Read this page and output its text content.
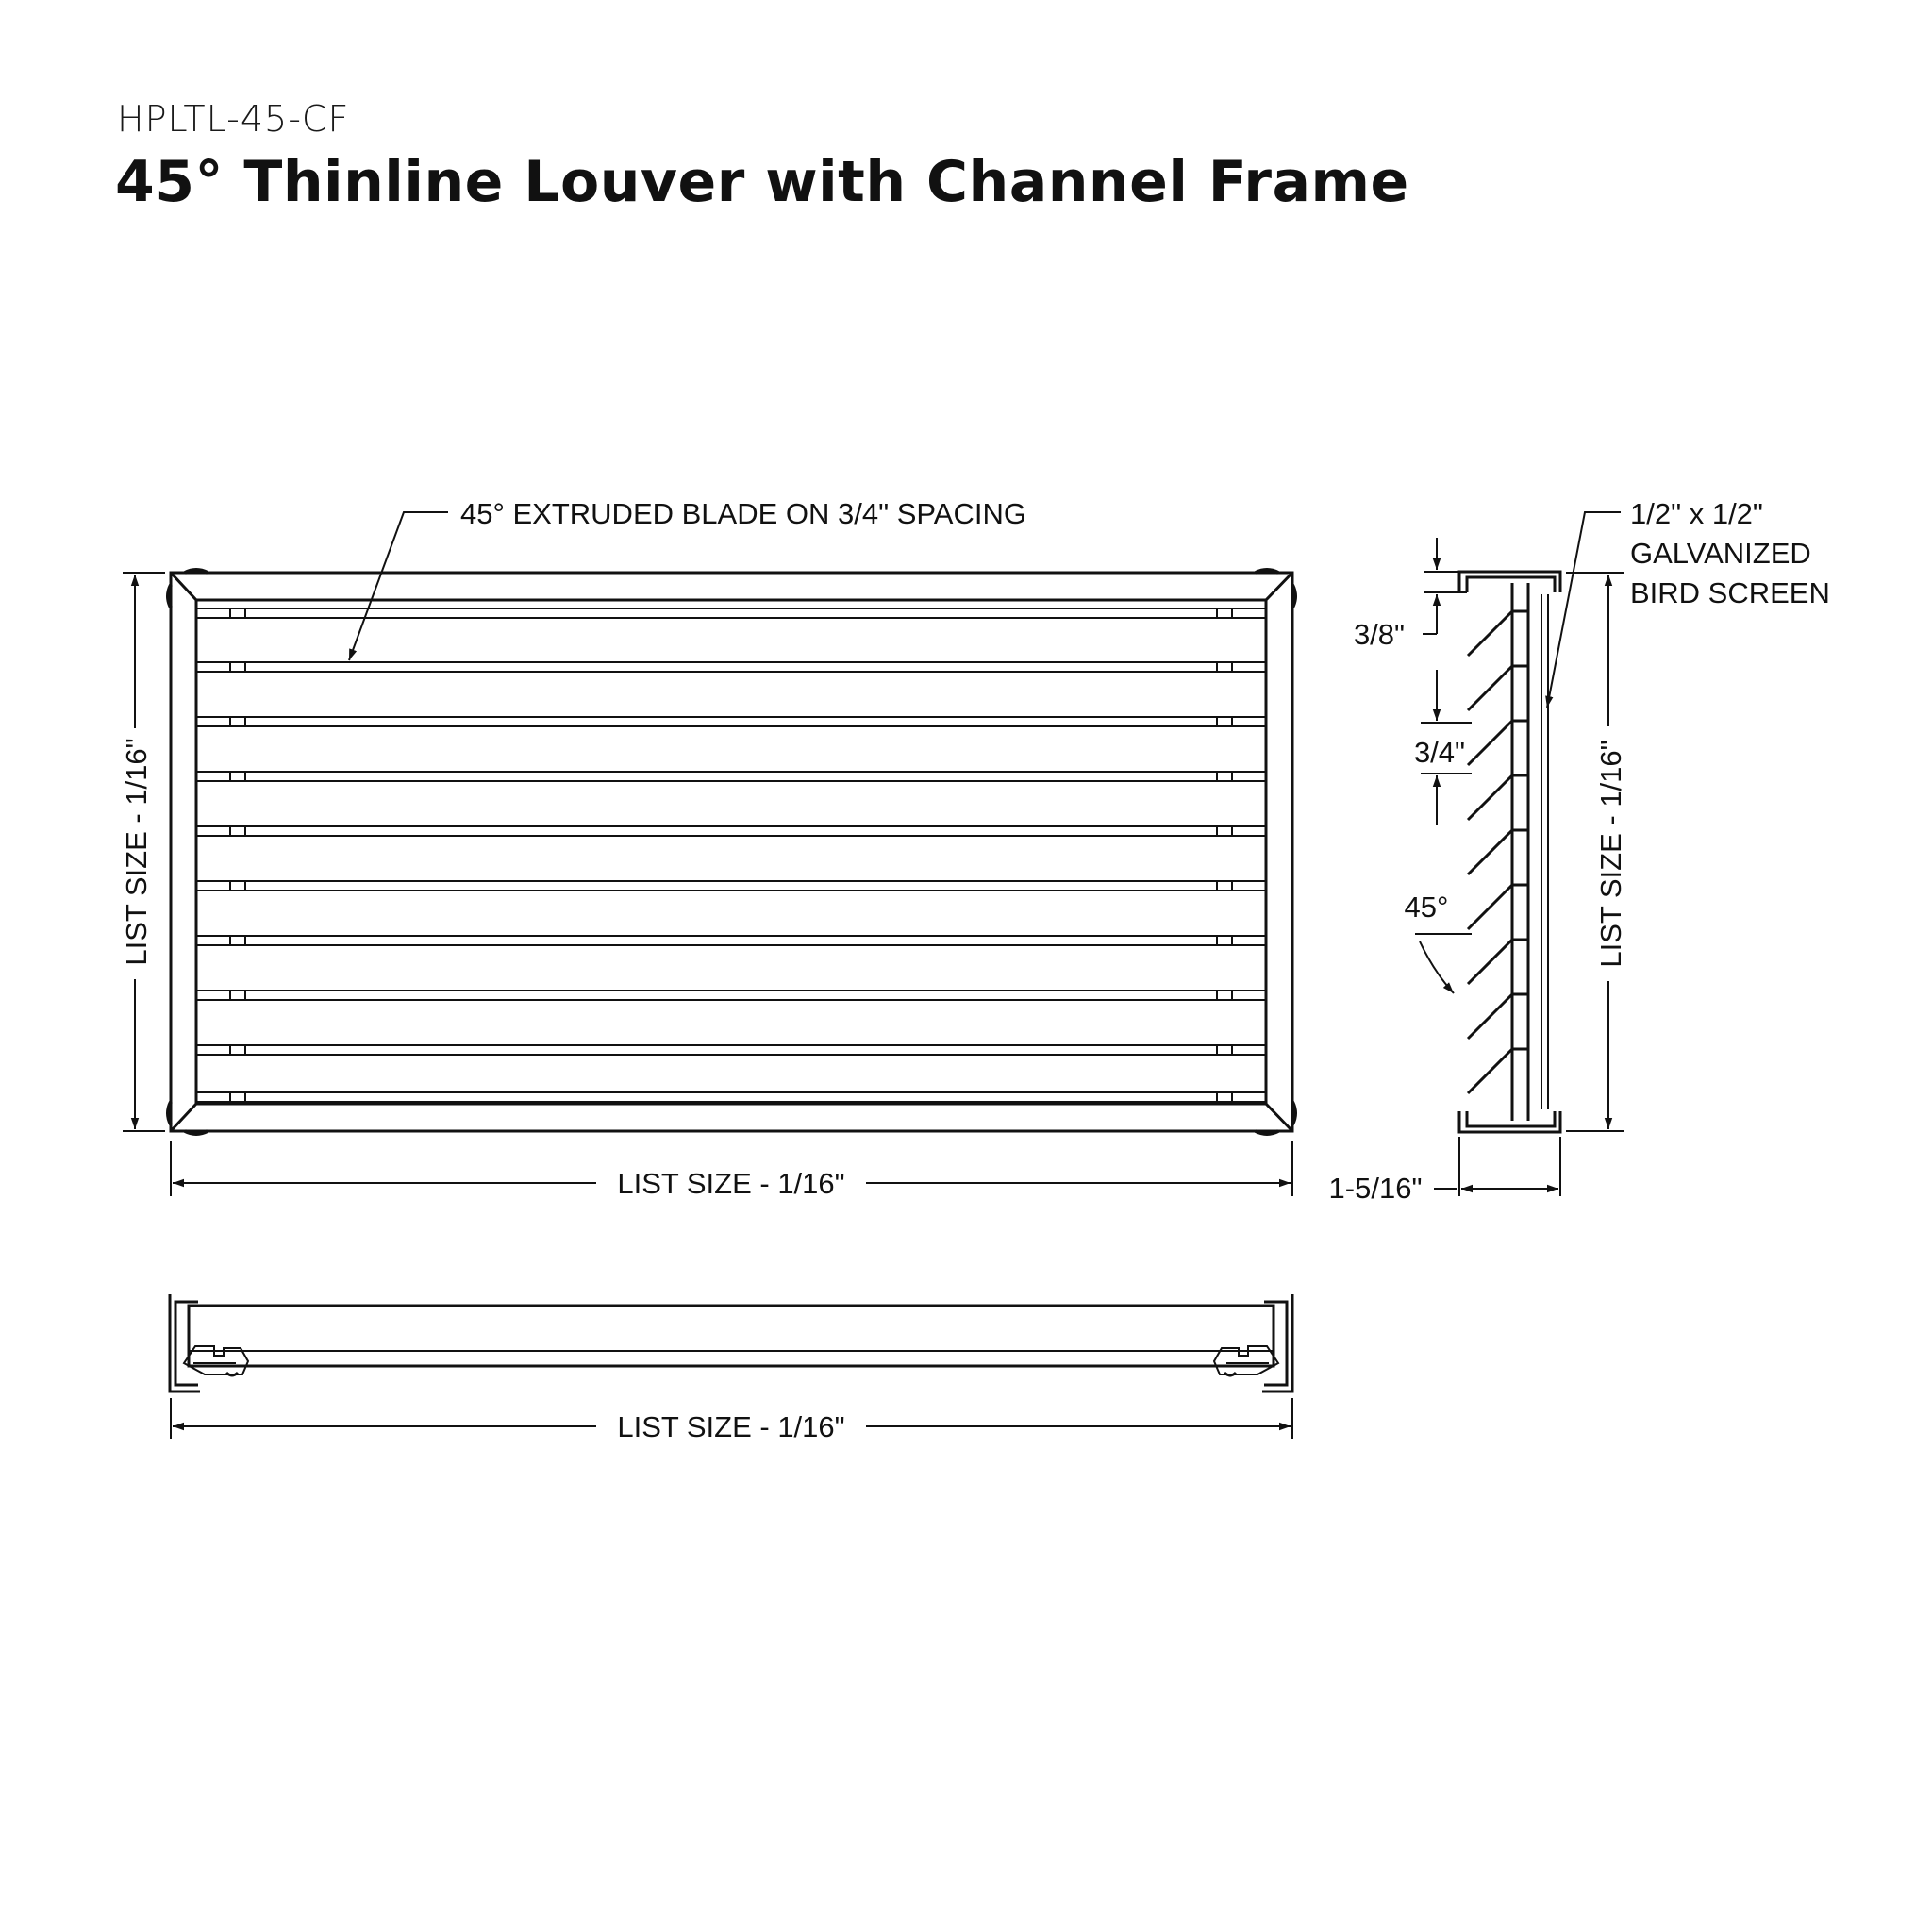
HPLTL-45-CF
45° Thinline Louver with Channel Frame
45° EXTRUDED BLADE ON 3/4" SPACING
LIST SIZE - 1/16"
LIST SIZE - 1/16"
1/2" x 1/2"
GALVANIZED
BIRD SCREEN
3/8"
3/4"
45°	LIST SIZE - 1/16"
1-5/16"
LIST SIZE - 1/16"
